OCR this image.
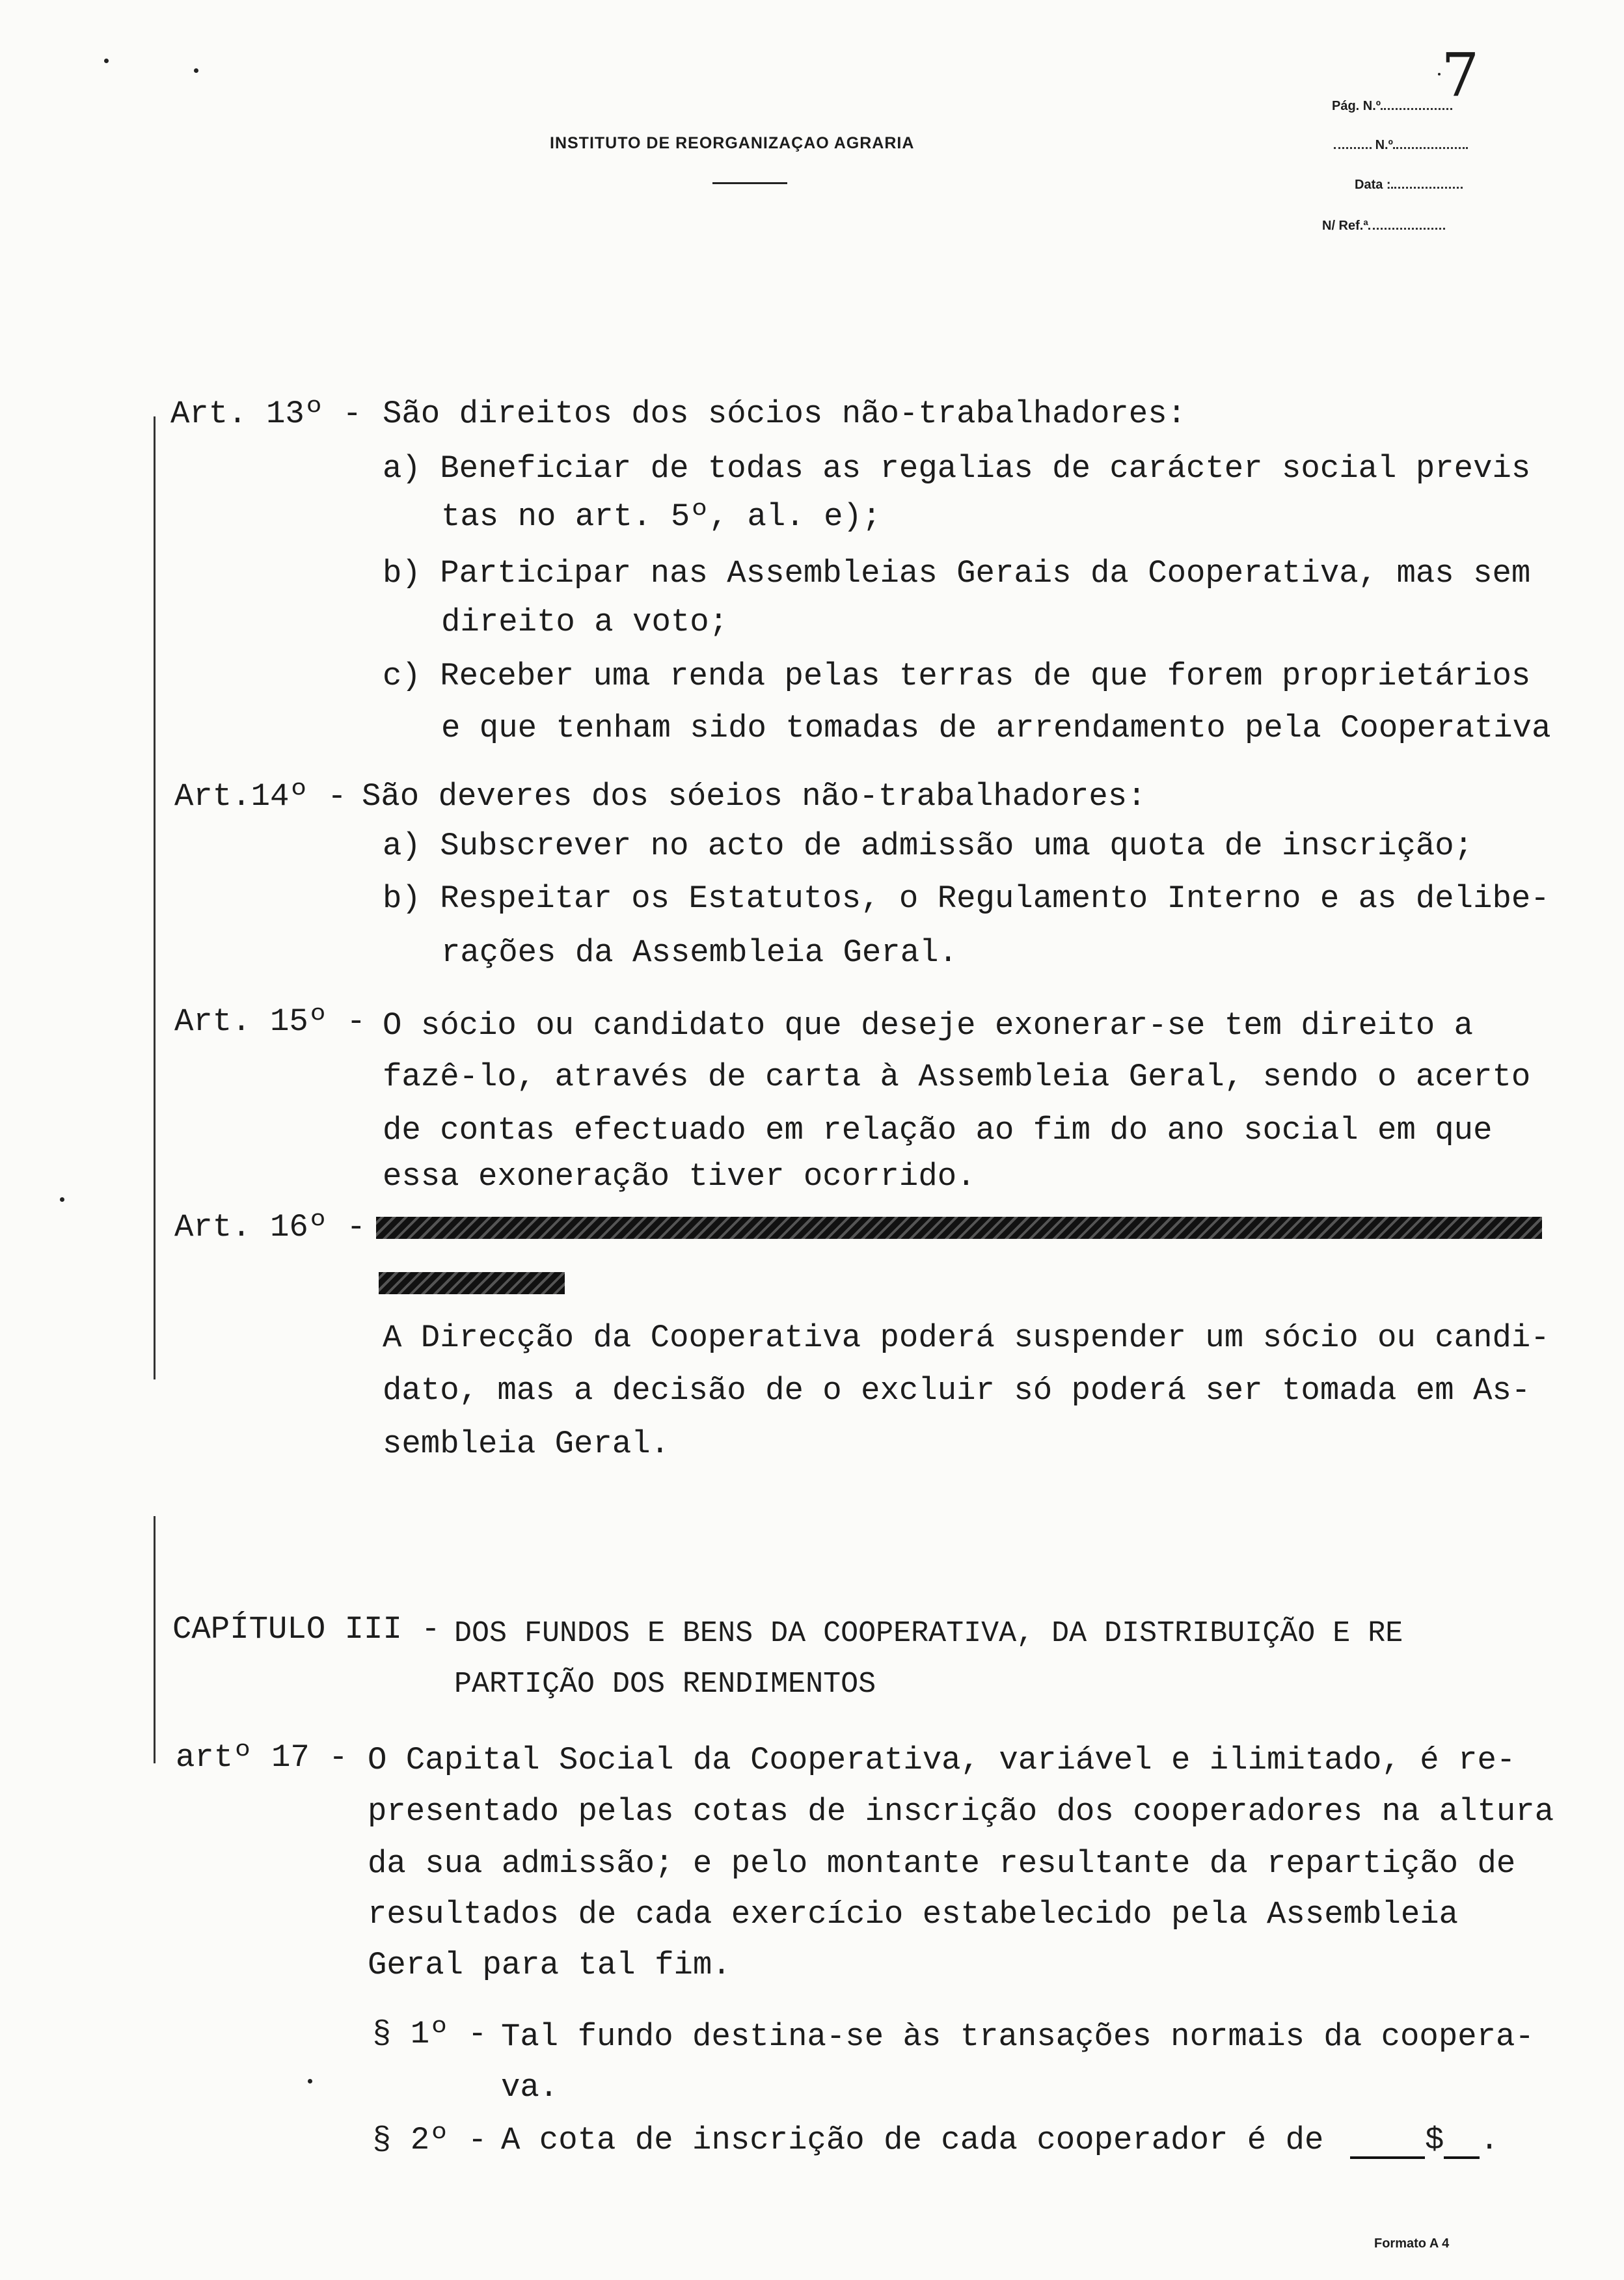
INSTITUTO DE REORGANIZAÇAO AGRARIA
Pág. N.º	7
N.º
Data :
N/ Ref.ª
Art. 13º - São direitos dos sócios não-trabalhadores:
a) Beneficiar de todas as regalias de carácter social previs
tas no art. 5º, al. e);
b) Participar nas Assembleias Gerais da Cooperativa, mas sem
direito a voto;
c) Receber uma renda pelas terras de que forem proprietários
e que tenham sido tomadas de arrendamento pela Cooperativa
Art.14º - São deveres dos sóeios não-trabalhadores:
a) Subscrever no acto de admissão uma quota de inscrição;
b) Respeitar os Estatutos, o Regulamento Interno e as delibe-
rações da Assembleia Geral.
Art. 15º - O sócio ou candidato que deseje exonerar-se tem direito a
fazê-lo, através de carta à Assembleia Geral, sendo o acerto
de contas efectuado em relação ao fim do ano social em que
essa exoneração tiver ocorrido.
Art. 16º -
A Direcção da Cooperativa poderá suspender um sócio ou candi-
dato, mas a decisão de o excluir só poderá ser tomada em As-
sembleia Geral.
CAPÍTULO III - DOS FUNDOS E BENS DA COOPERATIVA, DA DISTRIBUIÇÃO E RE
PARTIÇÃO DOS RENDIMENTOS
artº 17 - O Capital Social da Cooperativa, variável e ilimitado, é re-
presentado pelas cotas de inscrição dos cooperadores na altura
da sua admissão; e pelo montante resultante da repartição de
resultados de cada exercício estabelecido pela Assembleia
Geral para tal fim.
§ 1º - Tal fundo destina-se às transações normais da coopera-
va.
§ 2º - A cota de inscrição de cada cooperador é de	$ .
Formato A 4
